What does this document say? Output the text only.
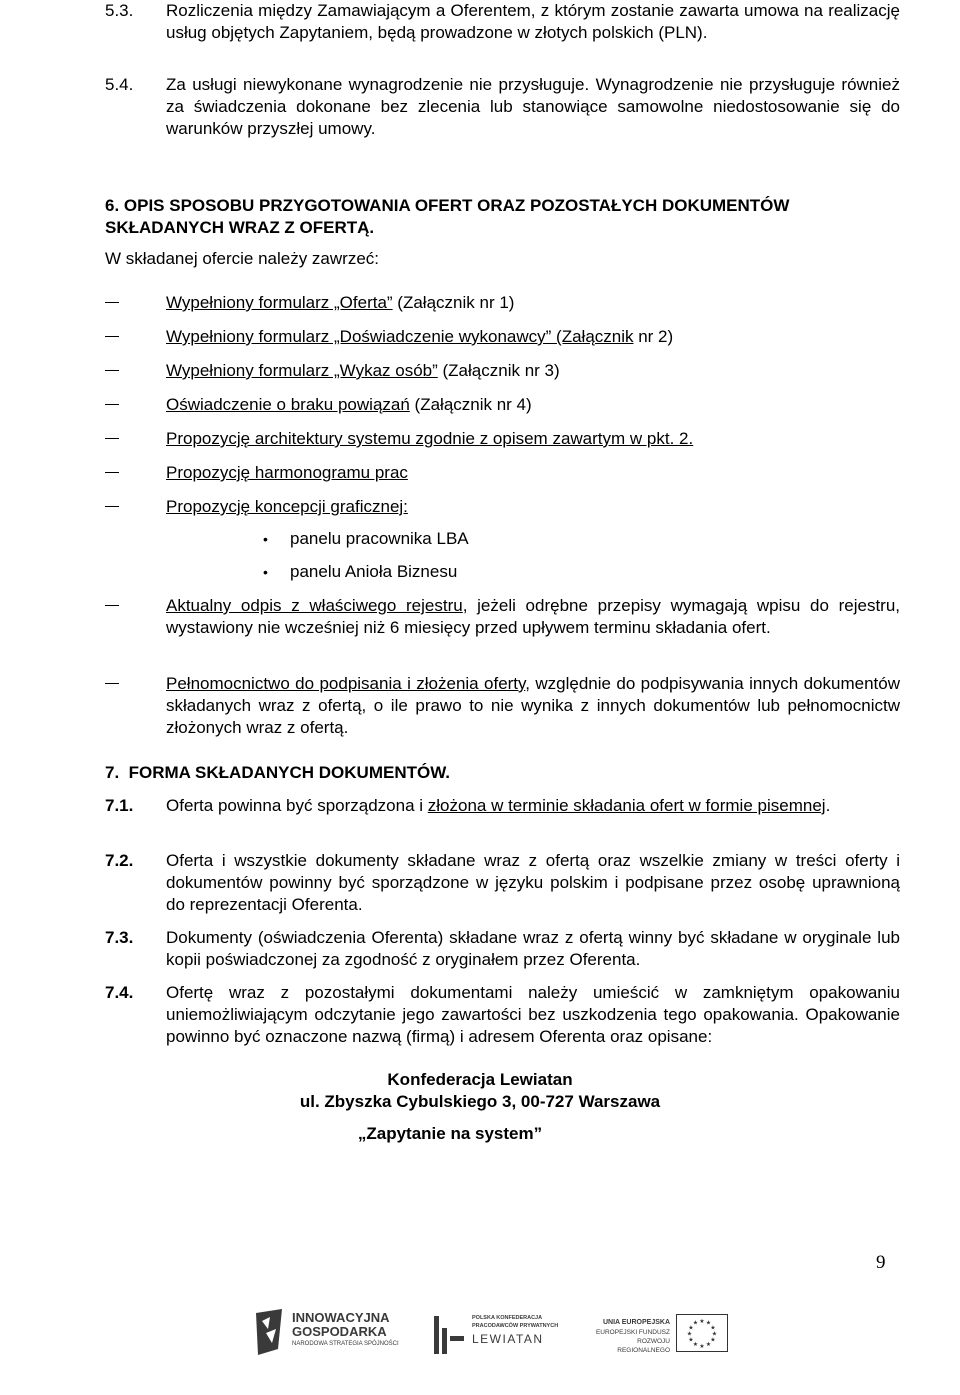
5.3. Rozliczenia między Zamawiającym a Oferentem, z którym zostanie zawarta umowa na realizację usług objętych Zapytaniem, będą prowadzone w złotych polskich (PLN).
5.4. Za usługi niewykonane wynagrodzenie nie przysługuje. Wynagrodzenie nie przysługuje również za świadczenia dokonane bez zlecenia lub stanowiące samowolne niedostosowanie się do warunków przyszłej umowy.
6. OPIS SPOSOBU PRZYGOTOWANIA OFERT ORAZ POZOSTAŁYCH DOKUMENTÓW
SKŁADANYCH WRAZ Z OFERTĄ.
W składanej ofercie należy zawrzeć:
Wypełniony formularz „Oferta” (Załącznik nr 1)
Wypełniony formularz „Doświadczenie wykonawcy” (Załącznik nr 2)
Wypełniony formularz „Wykaz osób” (Załącznik nr 3)
Oświadczenie o braku powiązań (Załącznik nr 4)
Propozycję architektury systemu zgodnie z opisem zawartym w pkt. 2.
Propozycję harmonogramu prac
Propozycję koncepcji graficznej:
• panelu pracownika LBA
• panelu Anioła Biznesu
Aktualny odpis z właściwego rejestru, jeżeli odrębne przepisy wymagają wpisu do rejestru, wystawiony nie wcześniej niż 6 miesięcy przed upływem terminu składania ofert.
Pełnomocnictwo do podpisania i złożenia oferty, względnie do podpisywania innych dokumentów składanych wraz z ofertą, o ile prawo to nie wynika z innych dokumentów lub pełnomocnictw złożonych wraz z ofertą.
7.  FORMA SKŁADANYCH DOKUMENTÓW.
7.1. Oferta powinna być sporządzona i złożona w terminie składania ofert w formie pisemnej.
7.2. Oferta i wszystkie dokumenty składane wraz z ofertą oraz wszelkie zmiany w treści oferty i dokumentów powinny być sporządzone w języku polskim i podpisane przez osobę uprawnioną do reprezentacji Oferenta.
7.3. Dokumenty (oświadczenia Oferenta) składane wraz z ofertą winny być składane w oryginale lub kopii poświadczonej za zgodność z oryginałem przez Oferenta.
7.4. Ofertę wraz z pozostałymi dokumentami należy umieścić w zamkniętym opakowaniu uniemożliwiającym odczytanie jego zawartości bez uszkodzenia tego opakowania. Opakowanie powinno być oznaczone nazwą (firmą) i adresem Oferenta oraz opisane:
Konfederacja Lewiatan
ul. Zbyszka Cybulskiego 3, 00-727 Warszawa
„Zapytanie na system”
9
INNOWACYJNA
GOSPODARKA
NARODOWA STRATEGIA SPÓJNOŚCI
POLSKA KONFEDERACJA
PRACODAWCÓW PRYWATNYCH
LEWIATAN
UNIA EUROPEJSKA
EUROPEJSKI FUNDUSZ
ROZWOJU REGIONALNEGO
★ ★
★
★
★
★
★
★
★
★
★
★
